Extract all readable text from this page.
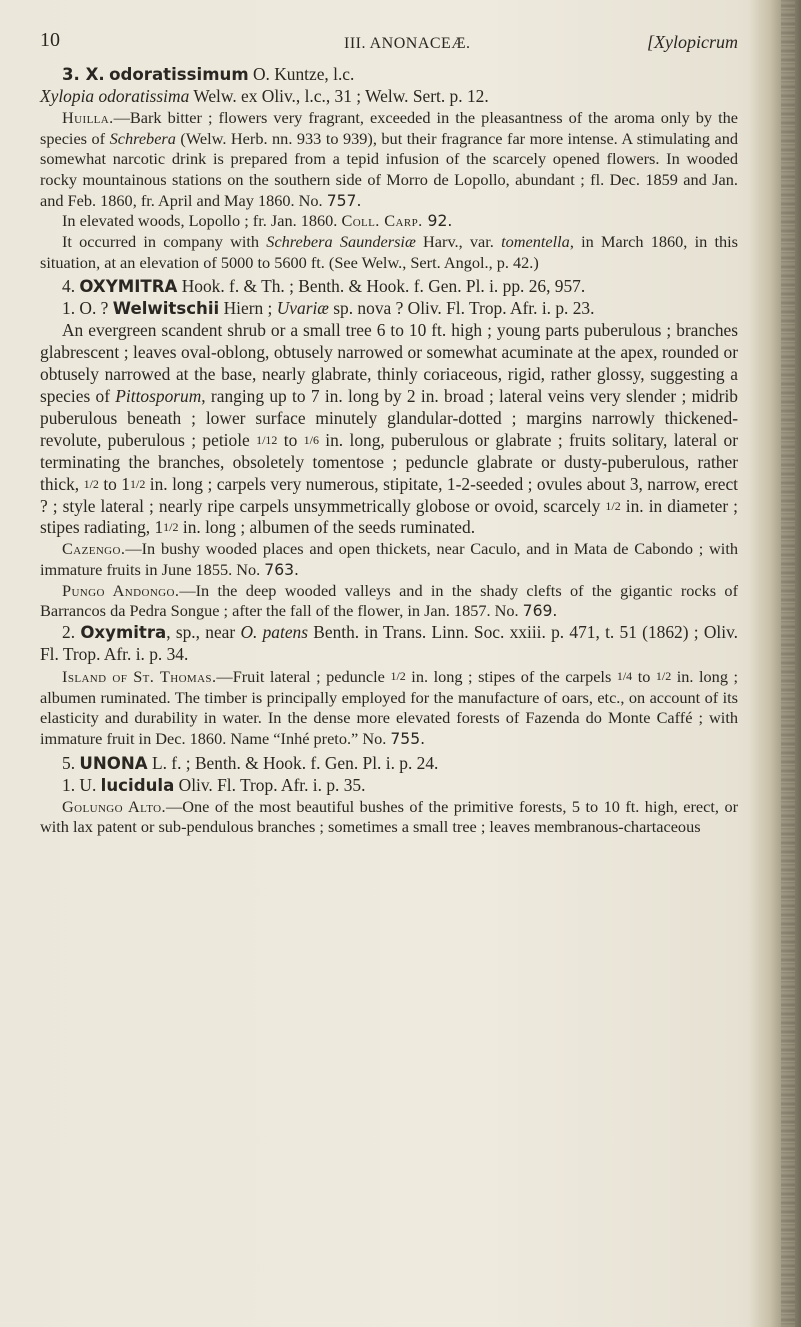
10	III. ANONACEÆ.	[Xylopicrum

3. X. odoratissimum O. Kuntze, l.c.

Xylopia odoratissima Welw. ex Oliv., l.c., 31 ; Welw. Sert. p. 12.

Huilla.—Bark bitter ; flowers very fragrant, exceeded in the pleasantness of the aroma only by the species of Schrebera (Welw. Herb. nn. 933 to 939), but their fragrance far more intense. A stimulating and somewhat narcotic drink is prepared from a tepid infusion of the scarcely opened flowers. In wooded rocky mountainous stations on the southern side of Morro de Lopollo, abundant ; fl. Dec. 1859 and Jan. and Feb. 1860, fr. April and May 1860. No. 757.

In elevated woods, Lopollo ; fr. Jan. 1860. Coll. Carp. 92.

It occurred in company with Schrebera Saundersiæ Harv., var. tomentella, in March 1860, in this situation, at an elevation of 5000 to 5600 ft. (See Welw., Sert. Angol., p. 42.)

4. OXYMITRA Hook. f. & Th. ; Benth. & Hook. f. Gen. Pl. i. pp. 26, 957.

1. O. ? Welwitschii Hiern ; Uvariæ sp. nova ? Oliv. Fl. Trop. Afr. i. p. 23.

An evergreen scandent shrub or a small tree 6 to 10 ft. high ; young parts puberulous ; branches glabrescent ; leaves oval-oblong, obtusely narrowed or somewhat acuminate at the apex, rounded or obtusely narrowed at the base, nearly glabrate, thinly coriaceous, rigid, rather glossy, suggesting a species of Pittosporum, ranging up to 7 in. long by 2 in. broad ; lateral veins very slender ; midrib puberulous beneath ; lower surface minutely glandular-dotted ; margins narrowly thickened-revolute, puberulous ; petiole 1/12 to 1/6 in. long, puberulous or glabrate ; fruits solitary, lateral or terminating the branches, obsoletely tomentose ; peduncle glabrate or dusty-puberulous, rather thick, 1/2 to 11/2 in. long ; carpels very numerous, stipitate, 1-2-seeded ; ovules about 3, narrow, erect ? ; style lateral ; nearly ripe carpels unsymmetrically globose or ovoid, scarcely 1/2 in. in diameter ; stipes radiating, 11/2 in. long ; albumen of the seeds ruminated.

Cazengo.—In bushy wooded places and open thickets, near Caculo, and in Mata de Cabondo ; with immature fruits in June 1855. No. 763.

Pungo Andongo.—In the deep wooded valleys and in the shady clefts of the gigantic rocks of Barrancos da Pedra Songue ; after the fall of the flower, in Jan. 1857. No. 769.

2. Oxymitra, sp., near O. patens Benth. in Trans. Linn. Soc. xxiii. p. 471, t. 51 (1862) ; Oliv. Fl. Trop. Afr. i. p. 34.

Island of St. Thomas.—Fruit lateral ; peduncle 1/2 in. long ; stipes of the carpels 1/4 to 1/2 in. long ; albumen ruminated. The timber is principally employed for the manufacture of oars, etc., on account of its elasticity and durability in water. In the dense more elevated forests of Fazenda do Monte Caffé ; with immature fruit in Dec. 1860. Name “Inhé preto.” No. 755.

5. UNONA L. f. ; Benth. & Hook. f. Gen. Pl. i. p. 24.

1. U. lucidula Oliv. Fl. Trop. Afr. i. p. 35.

Golungo Alto.—One of the most beautiful bushes of the primitive forests, 5 to 10 ft. high, erect, or with lax patent or sub-pendulous branches ; sometimes a small tree ; leaves membranous-chartaceous
